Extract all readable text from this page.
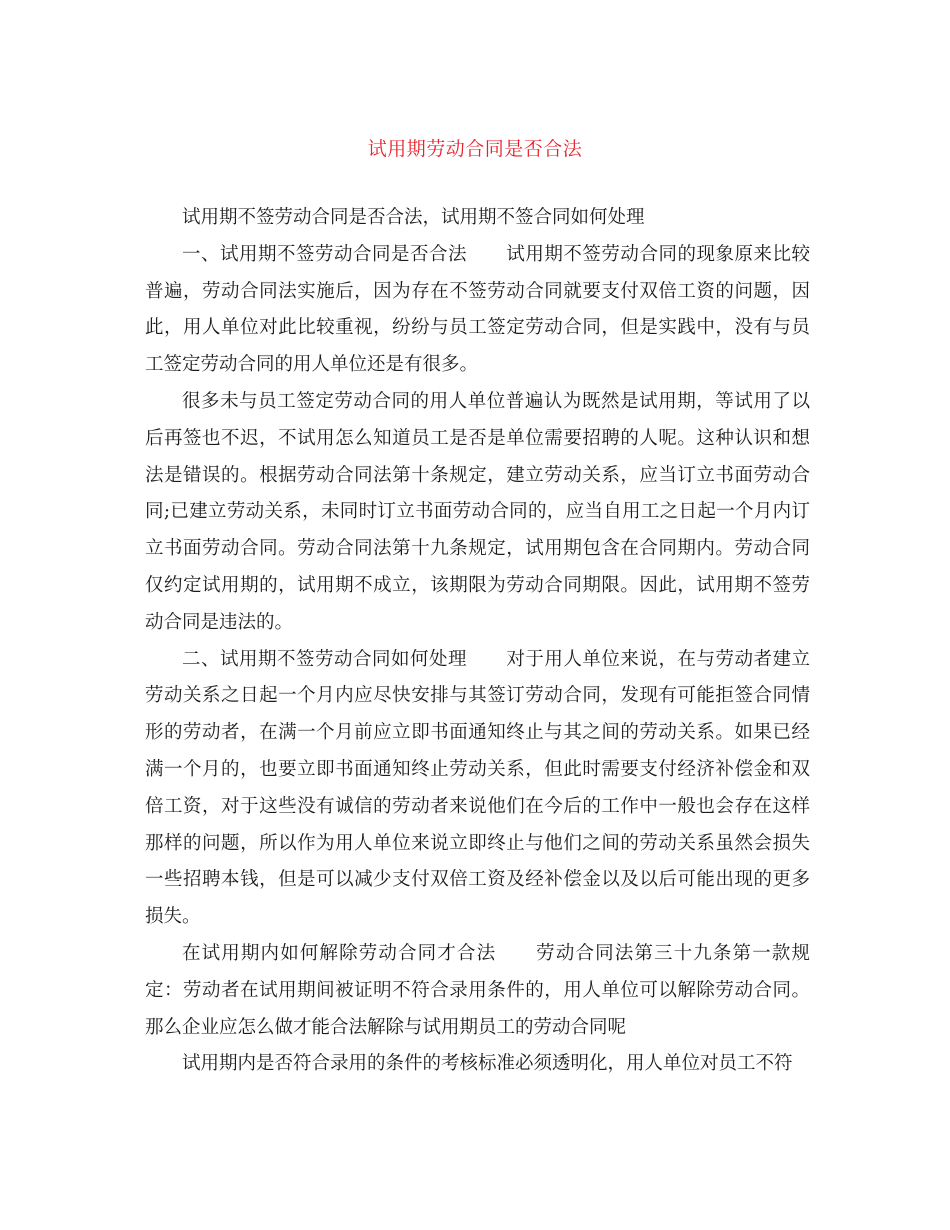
试用期劳动合同是否合法

试用期不签劳动合同是否合法，试用期不签合同如何处理

一、试用期不签劳动合同是否合法 试用期不签劳动合同的现象原来比较普遍，劳动合同法实施后，因为存在不签劳动合同就要支付双倍工资的问题，因此，用人单位对此比较重视，纷纷与员工签定劳动合同，但是实践中，没有与员工签定劳动合同的用人单位还是有很多。

很多未与员工签定劳动合同的用人单位普遍认为既然是试用期，等试用了以后再签也不迟，不试用怎么知道员工是否是单位需要招聘的人呢。这种认识和想法是错误的。根据劳动合同法第十条规定，建立劳动关系，应当订立书面劳动合同;已建立劳动关系，未同时订立书面劳动合同的，应当自用工之日起一个月内订立书面劳动合同。劳动合同法第十九条规定，试用期包含在合同期内。劳动合同仅约定试用期的，试用期不成立，该期限为劳动合同期限。因此，试用期不签劳动合同是违法的。

二、试用期不签劳动合同如何处理 对于用人单位来说，在与劳动者建立劳动关系之日起一个月内应尽快安排与其签订劳动合同，发现有可能拒签合同情形的劳动者，在满一个月前应立即书面通知终止与其之间的劳动关系。如果已经满一个月的，也要立即书面通知终止劳动关系，但此时需要支付经济补偿金和双倍工资，对于这些没有诚信的劳动者来说他们在今后的工作中一般也会存在这样那样的问题，所以作为用人单位来说立即终止与他们之间的劳动关系虽然会损失一些招聘本钱，但是可以减少支付双倍工资及经补偿金以及以后可能出现的更多损失。

在试用期内如何解除劳动合同才合法 劳动合同法第三十九条第一款规定：劳动者在试用期间被证明不符合录用条件的，用人单位可以解除劳动合同。那么企业应怎么做才能合法解除与试用期员工的劳动合同呢

试用期内是否符合录用的条件的考核标准必须透明化，用人单位对员工不符
